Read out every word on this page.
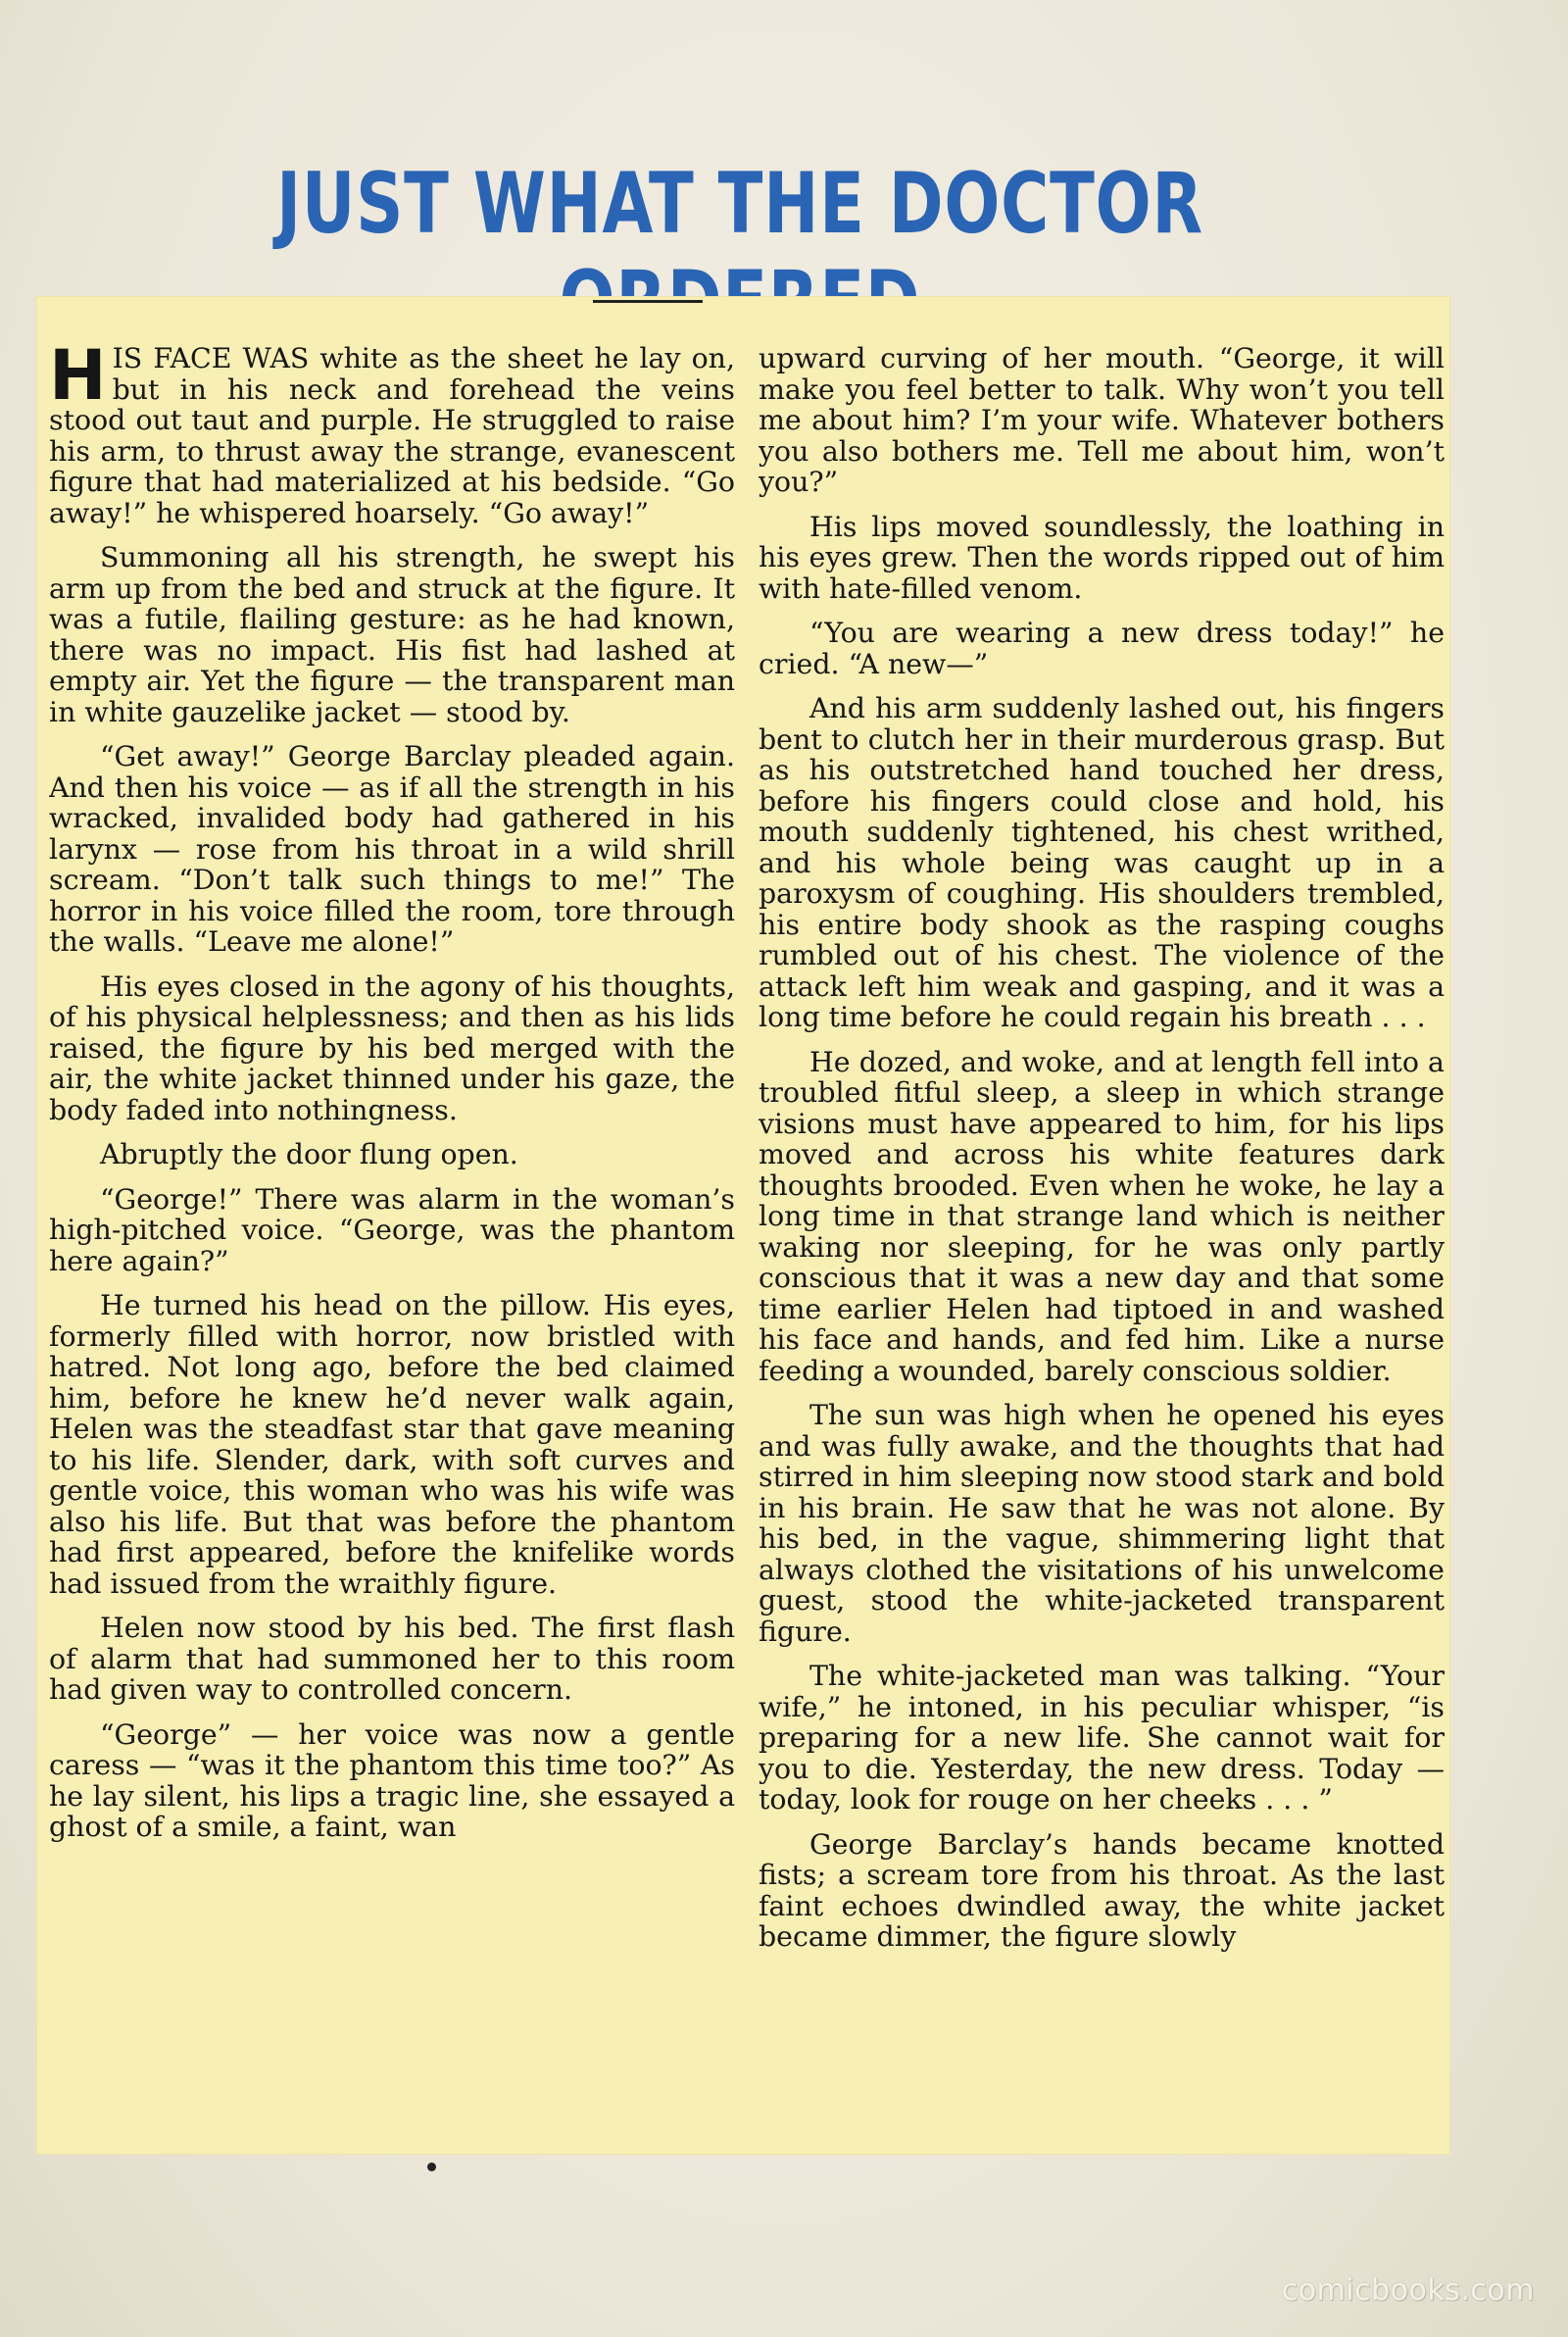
JUST WHAT THE DOCTOR

HIS FACE WAS white as the sheet he lay on, but in his neck and forehead the veins stood out taut and purple. He struggled to raise his arm, to thrust away the strange, evanescent figure that had materialized at his bedside. “Go away!” he whispered hoarsely. “Go away!”

Summoning all his strength, he swept his arm up from the bed and struck at the figure. It was a futile, flailing gesture: as he had known, there was no impact. His fist had lashed at empty air. Yet the figure — the transparent man in white gauzelike jacket — stood by.

“Get away!” George Barclay pleaded again. And then his voice — as if all the strength in his wracked, invalided body had gathered in his larynx — rose from his throat in a wild shrill scream. “Don’t talk such things to me!” The horror in his voice filled the room, tore through the walls. “Leave me alone!”

His eyes closed in the agony of his thoughts, of his physical helplessness; and then as his lids raised, the figure by his bed merged with the air, the white jacket thinned under his gaze, the body faded into nothingness.

Abruptly the door flung open.

“George!” There was alarm in the woman’s high-pitched voice. “George, was the phantom here again?”

He turned his head on the pillow. His eyes, formerly filled with horror, now bristled with hatred. Not long ago, before the bed claimed him, before he knew he’d never walk again, Helen was the steadfast star that gave meaning to his life. Slender, dark, with soft curves and gentle voice, this woman who was his wife was also his life. But that was before the phantom had first appeared, before the knifelike words had issued from the wraithly figure.

Helen now stood by his bed. The first flash of alarm that had summoned her to this room had given way to controlled concern.

“George” — her voice was now a gentle caress — “was it the phantom this time too?” As he lay silent, his lips a tragic line, she essayed a ghost of a smile, a faint, wan

upward curving of her mouth. “George, it will make you feel better to talk. Why won’t you tell me about him? I’m your wife. Whatever bothers you also bothers me. Tell me about him, won’t you?”

His lips moved soundlessly, the loathing in his eyes grew. Then the words ripped out of him with hate-filled venom.

“You are wearing a new dress today!” he cried. “A new—”

And his arm suddenly lashed out, his fingers bent to clutch her in their murderous grasp. But as his outstretched hand touched her dress, before his fingers could close and hold, his mouth suddenly tightened, his chest writhed, and his whole being was caught up in a paroxysm of coughing. His shoulders trembled, his entire body shook as the rasping coughs rumbled out of his chest. The violence of the attack left him weak and gasping, and it was a long time before he could regain his breath . . .

He dozed, and woke, and at length fell into a troubled fitful sleep, a sleep in which strange visions must have appeared to him, for his lips moved and across his white features dark thoughts brooded. Even when he woke, he lay a long time in that strange land which is neither waking nor sleeping, for he was only partly conscious that it was a new day and that some time earlier Helen had tiptoed in and washed his face and hands, and fed him. Like a nurse feeding a wounded, barely conscious soldier.

The sun was high when he opened his eyes and was fully awake, and the thoughts that had stirred in him sleeping now stood stark and bold in his brain. He saw that he was not alone. By his bed, in the vague, shimmering light that always clothed the visitations of his unwelcome guest, stood the white-jacketed transparent figure.

The white-jacketed man was talking. “Your wife,” he intoned, in his peculiar whisper, “is preparing for a new life. She cannot wait for you to die. Yesterday, the new dress. Today — today, look for rouge on her cheeks . . . ”

George Barclay’s hands became knotted fists; a scream tore from his throat. As the last faint echoes dwindled away, the white jacket became dimmer, the figure slowly

comicbooks.com
